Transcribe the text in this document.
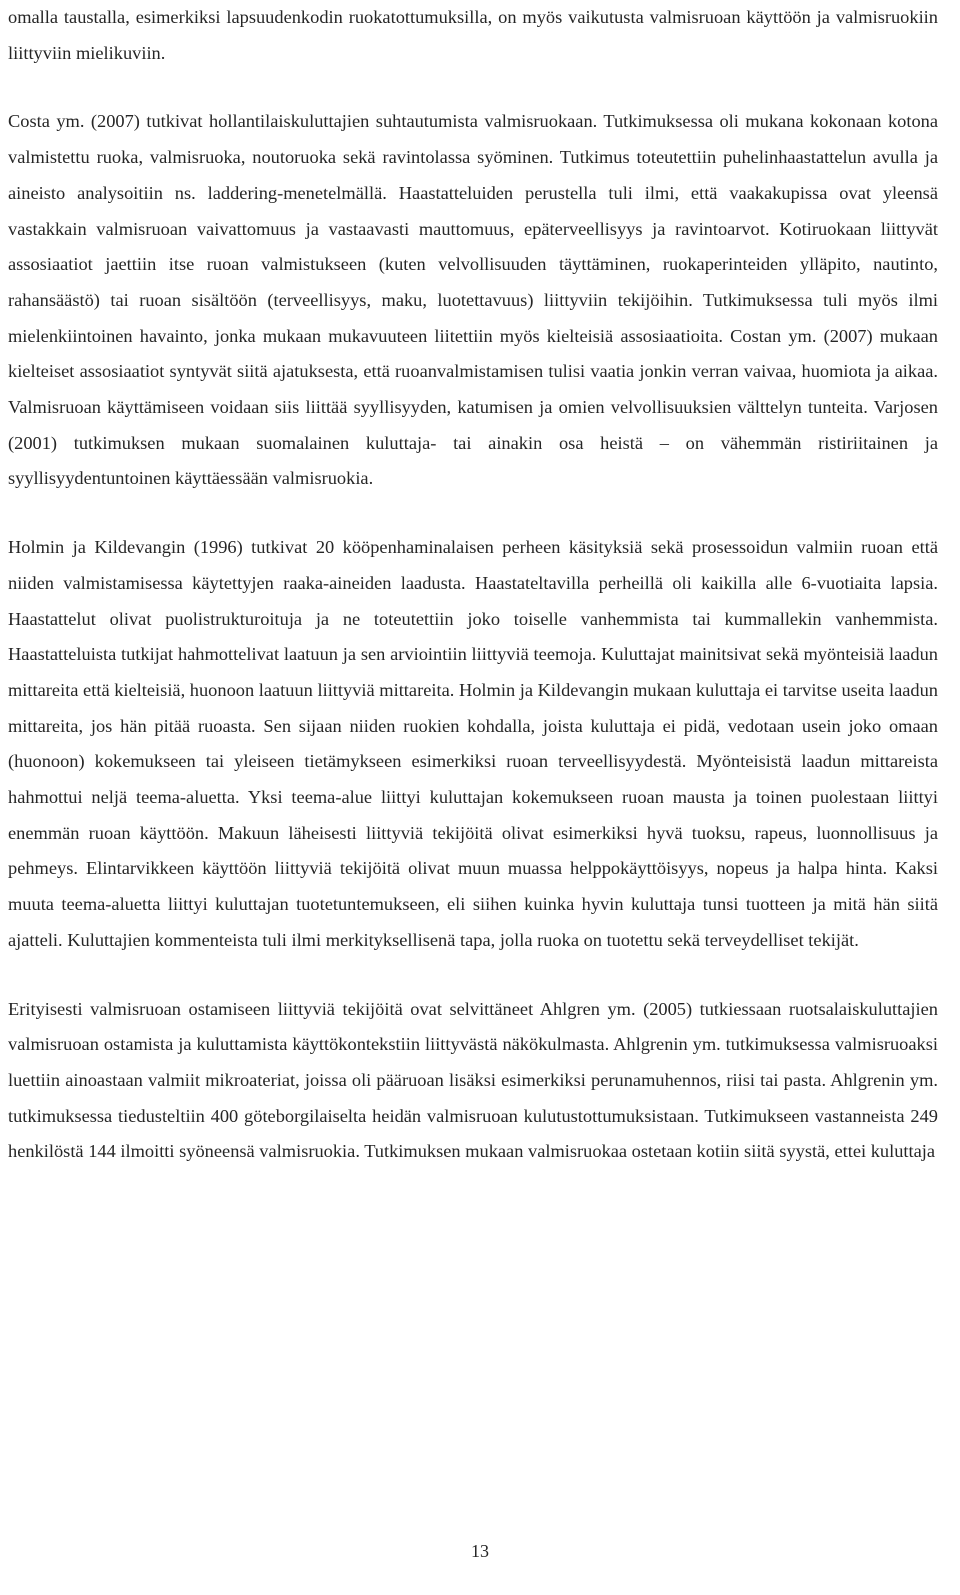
omalla taustalla, esimerkiksi lapsuudenkodin ruokatottumuksilla, on myös vaikutusta valmisruoan käyttöön ja valmisruokiin liittyviin mielikuviin.

Costa ym. (2007) tutkivat hollantilaiskuluttajien suhtautumista valmisruokaan. Tutkimuksessa oli mukana kokonaan kotona valmistettu ruoka, valmisruoka, noutoruoka sekä ravintolassa syöminen. Tutkimus toteutettiin puhelinhaastattelun avulla ja aineisto analysoitiin ns. laddering-menetelmällä. Haastatteluiden perustella tuli ilmi, että vaakakupissa ovat yleensä vastakkain valmisruoan vaivattomuus ja vastaavasti mauttomuus, epäterveellisyys ja ravintoarvot. Kotiruokaan liittyvät assosiaatiot jaettiin itse ruoan valmistukseen (kuten velvollisuuden täyttäminen, ruokaperinteiden ylläpito, nautinto, rahansäästö) tai ruoan sisältöön (terveellisyys, maku, luotettavuus) liittyviin tekijöihin. Tutkimuksessa tuli myös ilmi mielenkiintoinen havainto, jonka mukaan mukavuuteen liitettiin myös kielteisiä assosiaatioita. Costan ym. (2007) mukaan kielteiset assosiaatiot syntyvät siitä ajatuksesta, että ruoanvalmistamisen tulisi vaatia jonkin verran vaivaa, huomiota ja aikaa. Valmisruoan käyttämiseen voidaan siis liittää syyllisyyden, katumisen ja omien velvollisuuksien välttelyn tunteita. Varjosen (2001) tutkimuksen mukaan suomalainen kuluttaja- tai ainakin osa heistä – on vähemmän ristiriitainen ja syyllisyydentuntoinen käyttäessään valmisruokia.

Holmin ja Kildevangin (1996) tutkivat 20 kööpenhaminalaisen perheen käsityksiä sekä prosessoidun valmiin ruoan että niiden valmistamisessa käytettyjen raaka-aineiden laadusta. Haastateltavilla perheillä oli kaikilla alle 6-vuotiaita lapsia. Haastattelut olivat puolistrukturoituja ja ne toteutettiin joko toiselle vanhemmista tai kummallekin vanhemmista. Haastatteluista tutkijat hahmottelivat laatuun ja sen arviointiin liittyviä teemoja. Kuluttajat mainitsivat sekä myönteisiä laadun mittareita että kielteisiä, huonoon laatuun liittyviä mittareita. Holmin ja Kildevangin mukaan kuluttaja ei tarvitse useita laadun mittareita, jos hän pitää ruoasta. Sen sijaan niiden ruokien kohdalla, joista kuluttaja ei pidä, vedotaan usein joko omaan (huonoon) kokemukseen tai yleiseen tietämykseen esimerkiksi ruoan terveellisyydestä. Myönteisistä laadun mittareista hahmottui neljä teema-aluetta. Yksi teema-alue liittyi kuluttajan kokemukseen ruoan mausta ja toinen puolestaan liittyi enemmän ruoan käyttöön. Makuun läheisesti liittyviä tekijöitä olivat esimerkiksi hyvä tuoksu, rapeus, luonnollisuus ja pehmeys. Elintarvikkeen käyttöön liittyviä tekijöitä olivat muun muassa helppokäyttöisyys, nopeus ja halpa hinta. Kaksi muuta teema-aluetta liittyi kuluttajan tuotetuntemukseen, eli siihen kuinka hyvin kuluttaja tunsi tuotteen ja mitä hän siitä ajatteli. Kuluttajien kommenteista tuli ilmi merkityksellisenä tapa, jolla ruoka on tuotettu sekä terveydelliset tekijät.

Erityisesti valmisruoan ostamiseen liittyviä tekijöitä ovat selvittäneet Ahlgren ym. (2005) tutkiessaan ruotsalaiskuluttajien valmisruoan ostamista ja kuluttamista käyttökontekstiin liittyvästä näkökulmasta. Ahlgrenin ym. tutkimuksessa valmisruoaksi luettiin ainoastaan valmiit mikroateriat, joissa oli pääruoan lisäksi esimerkiksi perunamuhennos, riisi tai pasta. Ahlgrenin ym. tutkimuksessa tiedusteltiin 400 göteborgilaiselta heidän valmisruoan kulutustottumuksistaan. Tutkimukseen vastanneista 249 henkilöstä 144 ilmoitti syöneensä valmisruokia. Tutkimuksen mukaan valmisruokaa ostetaan kotiin siitä syystä, ettei kuluttaja

13
